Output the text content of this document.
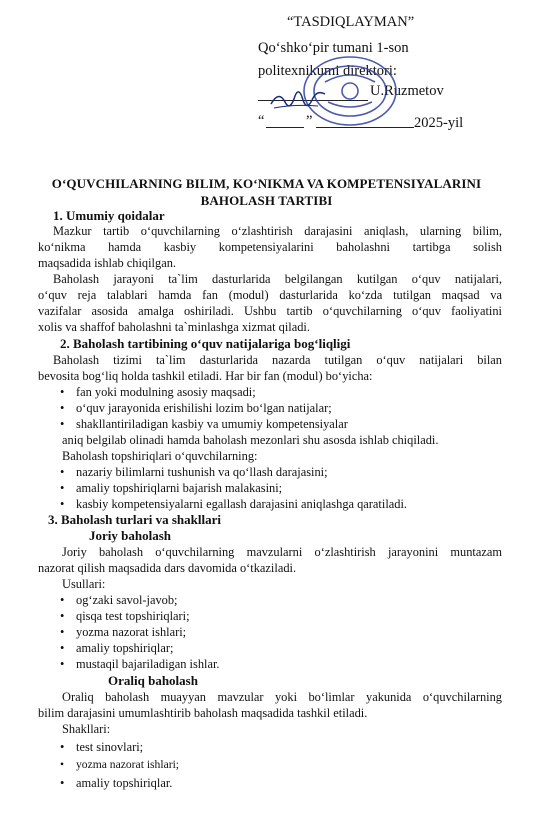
“TASDIQLAYMAN”
Qo‘shko‘pir tumani 1-son
politexnikumi direktori:
U.Ruzmetov
“	”	2025-yil
O‘QUVCHILARNING BILIM, KO‘NIKMA VA KOMPETENSIYALARINI
BAHOLASH TARTIBI
1. Umumiy qoidalar
Mazkur tartib o‘quvchilarning o‘zlashtirish darajasini aniqlash, ularning bilim,
ko‘nikma hamda kasbiy kompetensiyalarini baholashni tartibga solish
maqsadida ishlab chiqilgan.
Baholash jarayoni ta`lim dasturlarida belgilangan kutilgan o‘quv natijalari,
o‘quv reja talablari hamda fan (modul) dasturlarida ko‘zda tutilgan maqsad va
vazifalar asosida amalga oshiriladi. Ushbu tartib o‘quvchilarning o‘quv faoliyatini
xolis va shaffof baholashni ta`minlashga xizmat qiladi.
2. Baholash tartibining o‘quv natijalariga bog‘liqligi
Baholash tizimi ta`lim dasturlarida nazarda tutilgan o‘quv natijalari bilan
bevosita bog‘liq holda tashkil etiladi. Har bir fan (modul) bo‘yicha:
• fan yoki modulning asosiy maqsadi;
• o‘quv jarayonida erishilishi lozim bo‘lgan natijalar;
• shakllantiriladigan kasbiy va umumiy kompetensiyalar
aniq belgilab olinadi hamda baholash mezonlari shu asosda ishlab chiqiladi.
Baholash topshiriqlari o‘quvchilarning:
• nazariy bilimlarni tushunish va qo‘llash darajasini;
• amaliy topshiriqlarni bajarish malakasini;
• kasbiy kompetensiyalarni egallash darajasini aniqlashga qaratiladi.
3. Baholash turlari va shakllari
Joriy baholash
Joriy baholash o‘quvchilarning mavzularni o‘zlashtirish jarayonini muntazam
nazorat qilish maqsadida dars davomida o‘tkaziladi.
Usullari:
• og‘zaki savol-javob;
• qisqa test topshiriqlari;
• yozma nazorat ishlari;
• amaliy topshiriqlar;
• mustaqil bajariladigan ishlar.
Oraliq baholash
Oraliq baholash muayyan mavzular yoki bo‘limlar yakunida o‘quvchilarning
bilim darajasini umumlashtirib baholash maqsadida tashkil etiladi.
Shakllari:
• test sinovlari;
• yozma nazorat ishlari;
• amaliy topshiriqlar.
